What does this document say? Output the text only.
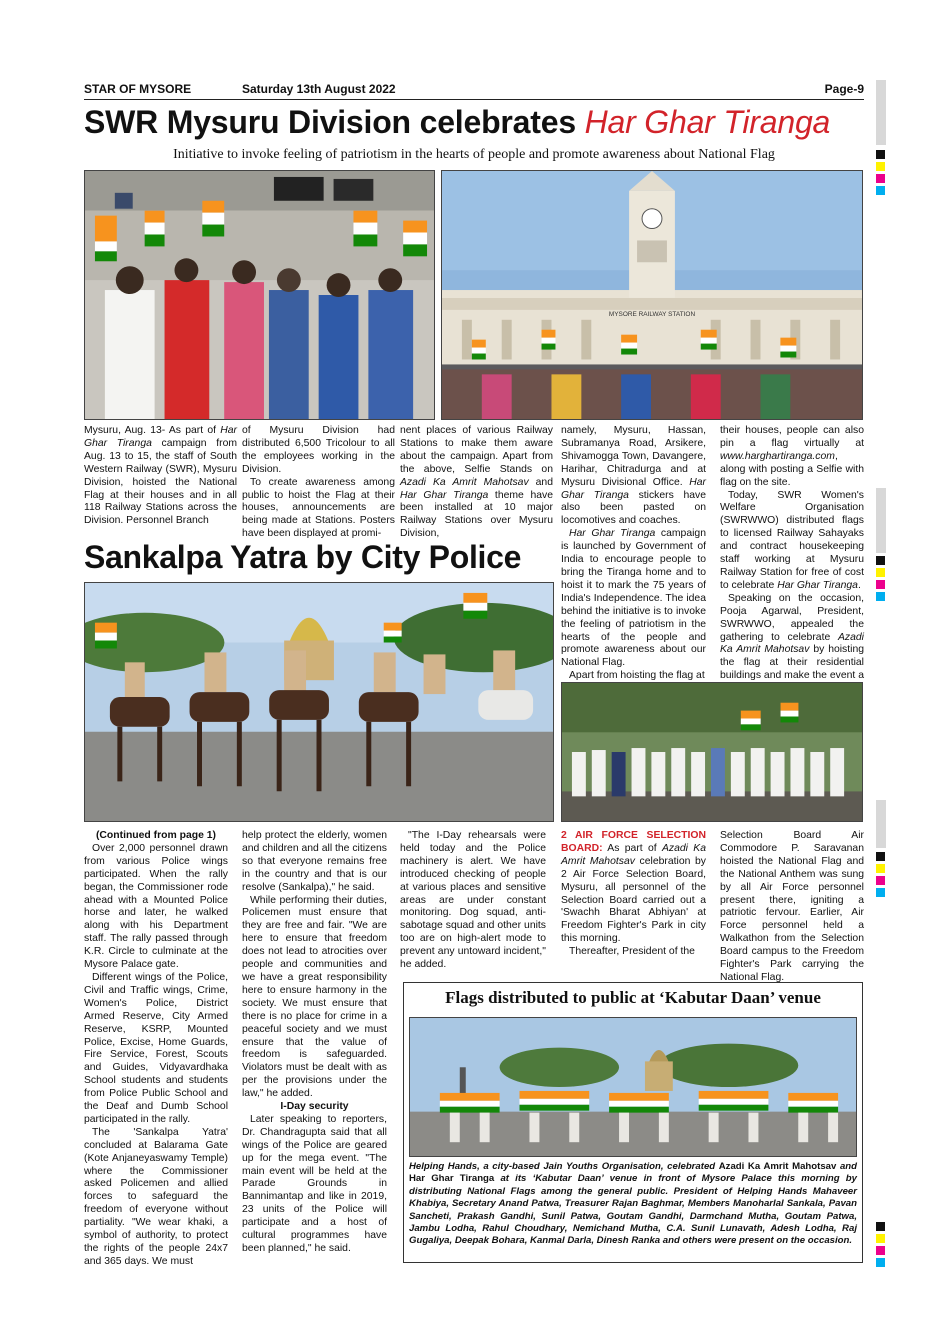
STAR OF MYSORE	Saturday 13th August 2022	Page-9
SWR Mysuru Division celebrates Har Ghar Tiranga
Initiative to invoke feeling of patriotism in the hearts of people and promote awareness about National Flag
MYSORE RAILWAY STATION

Mysuru, Aug. 13- As part of Har Ghar Tiranga campaign from Aug. 13 to 15, the staff of South Western Railway (SWR), Mysuru Division, hoisted the National Flag at their houses and in all 118 Railway Stations across the Division. Personnel Branch

of Mysuru Division had distributed 6,500 Tricolour to all the employees working in the Division.

To create awareness among public to hoist the Flag at their houses, announcements are being made at Stations. Posters have been displayed at promi-

nent places of various Railway Stations to make them aware about the campaign. Apart from the above, Selfie Stands on Azadi Ka Amrit Mahotsav and Har Ghar Tiranga theme have been installed at 10 major Railway Stations over Mysuru Division,

namely, Mysuru, Hassan, Subramanya Road, Arsikere, Shivamogga Town, Davangere, Harihar, Chitradurga and at Mysuru Divisional Office. Har Ghar Tiranga stickers have also been pasted on locomotives and coaches.

Har Ghar Tiranga campaign is launched by Government of India to encourage people to bring the Tiranga home and to hoist it to mark the 75 years of India's Independence. The idea behind the initiative is to invoke the feeling of patriotism in the hearts of the people and promote awareness about our National Flag.

Apart from hoisting the flag at

their houses, people can also pin a flag virtually at www.harghartiranga.com, along with posting a Selfie with flag on the site.

Today, SWR Women's Welfare Organisation (SWRWWO) distributed flags to licensed Railway Sahayaks and contract housekeeping staff working at Mysuru Railway Station for free of cost to celebrate Har Ghar Tiranga.

Speaking on the occasion, Pooja Agarwal, President, SWRWWO, appealed the gathering to celebrate Azadi Ka Amrit Mahotsav by hoisting the flag at their residential buildings and make the event a

Sankalpa Yatra by City Police

(Continued from page 1)

Over 2,000 personnel drawn from various Police wings participated. When the rally began, the Commissioner rode ahead with a Mounted Police horse and later, he walked along with his Department staff. The rally passed through K.R. Circle to culminate at the Mysore Palace gate.

Different wings of the Police, Civil and Traffic wings, Crime, Women's Police, District Armed Reserve, City Armed Reserve, KSRP, Mounted Police, Excise, Home Guards, Fire Service, Forest, Scouts and Guides, Vidyavardhaka School students and students from Police Public School and the Deaf and Dumb School participated in the rally.

The 'Sankalpa Yatra' concluded at Balarama Gate (Kote Anjaneyaswamy Temple) where the Commissioner asked Policemen and allied forces to safeguard the freedom of everyone without partiality. "We wear khaki, a symbol of authority, to protect the rights of the people 24x7 and 365 days. We must

help protect the elderly, women and children and all the citizens so that everyone remains free in the country and that is our resolve (Sankalpa)," he said.

While performing their duties, Policemen must ensure that they are free and fair. "We are here to ensure that freedom does not lead to atrocities over people and communities and we have a great responsibility here to ensure harmony in the society. We must ensure that there is no place for crime in a peaceful society and we must ensure that the value of freedom is safeguarded. Violators must be dealt with as per the provisions under the law," he added.

I-Day security

Later speaking to reporters, Dr. Chandragupta said that all wings of the Police are geared up for the mega event. "The main event will be held at the Parade Grounds in Bannimantap and like in 2019, 23 units of the Police will participate and a host of cultural programmes have been planned," he said.

"The I-Day rehearsals were held today and the Police machinery is alert. We have introduced checking of people at various places and sensitive areas are under constant monitoring. Dog squad, anti-sabotage squad and other units too are on high-alert mode to prevent any untoward incident," he added.

2 AIR FORCE SELECTION BOARD: As part of Azadi Ka Amrit Mahotsav celebration by 2 Air Force Selection Board, Mysuru, all personnel of the Selection Board carried out a 'Swachh Bharat Abhiyan' at Freedom Fighter's Park in city this morning.

Thereafter, President of the

Selection Board Air Commodore P. Saravanan hoisted the National Flag and the National Anthem was sung by all Air Force personnel present there, igniting a patriotic fervour. Earlier, Air Force personnel held a Walkathon from the Selection Board campus to the Freedom Fighter's Park carrying the National Flag.

Flags distributed to public at ‘Kabutar Daan’ venue
Helping Hands, a city-based Jain Youths Organisation, celebrated Azadi Ka Amrit Mahotsav and Har Ghar Tiranga at its ‘Kabutar Daan’ venue in front of Mysore Palace this morning by distributing National Flags among the general public. President of Helping Hands Mahaveer Khabiya, Secretary Anand Patwa, Treasurer Rajan Baghmar, Members Manoharlal Sankala, Pavan Sancheti, Prakash Gandhi, Sunil Patwa, Goutam Gandhi, Darmchand Mutha, Goutam Patwa, Jambu Lodha, Rahul Choudhary, Nemichand Mutha, C.A. Sunil Lunavath, Adesh Lodha, Raj Gugaliya, Deepak Bohara, Kanmal Darla, Dinesh Ranka and others were present on the occasion.
